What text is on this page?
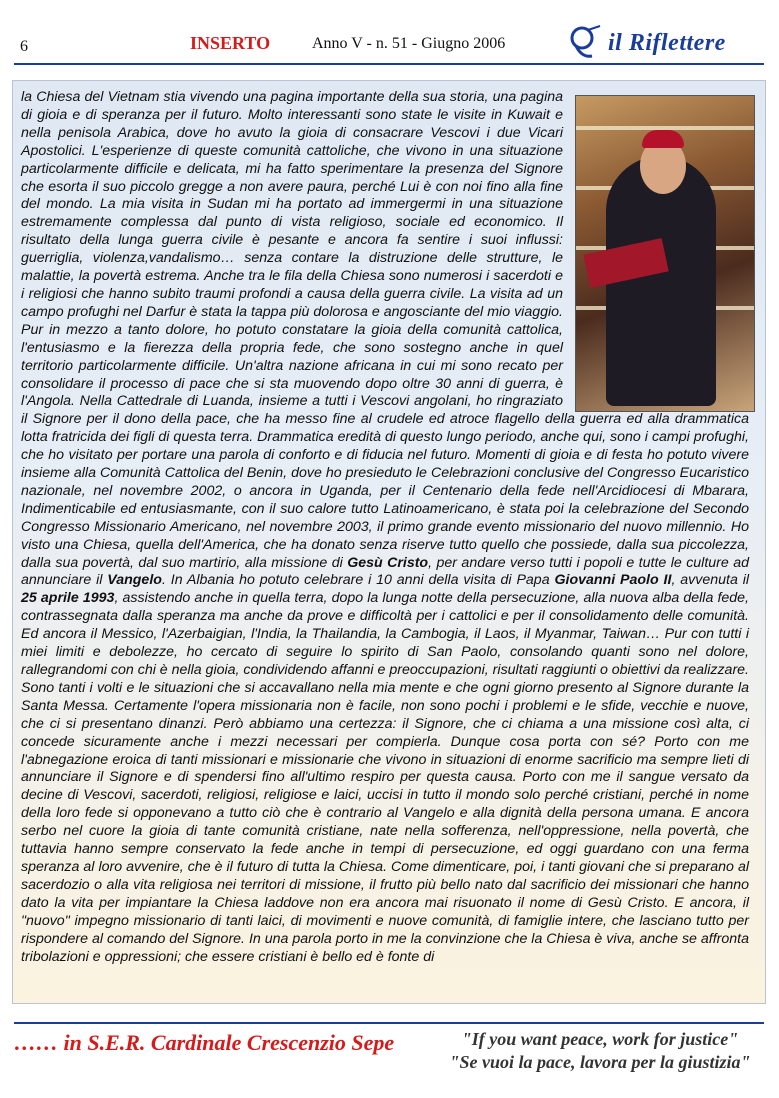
6	INSERTO	Anno V - n. 51 - Giugno 2006	il Riflettere
la Chiesa del Vietnam stia vivendo una pagina importante della sua storia, una pagina di gioia e di speranza per il futuro. Molto interessanti sono state le visite in Kuwait e nella penisola Arabica, dove ho avuto la gioia di consacrare Vescovi i due Vicari Apostolici. L'esperienze di queste comunità cattoliche, che vivono in una situazione particolarmente difficile e delicata, mi ha fatto sperimentare la presenza del Signore che esorta il suo piccolo gregge a non avere paura, perché Lui è con noi fino alla fine del mondo. La mia visita in Sudan mi ha portato ad immergermi in una situazione estremamente complessa dal punto di vista religioso, sociale ed economico. Il risultato della lunga guerra civile è pesante e ancora fa sentire i suoi influssi: guerriglia, violenza,vandalismo… senza contare la distruzione delle strutture, le malattie, la povertà estrema. Anche tra le fila della Chiesa sono numerosi i sacerdoti e i religiosi che hanno subito traumi profondi a causa della guerra civile. La visita ad un campo profughi nel Darfur è stata la tappa più dolorosa e angosciante del mio viaggio. Pur in mezzo a tanto dolore, ho potuto constatare la gioia della comunità cattolica, l'entusiasmo e la fierezza della propria fede, che sono sostegno anche in quel territorio particolarmente difficile. Un'altra nazione africana in cui mi sono recato per consolidare il processo di pace che si sta muovendo dopo oltre 30 anni di guerra, è l'Angola. Nella Cattedrale di Luanda, insieme a tutti i Vescovi angolani, ho ringraziato il Signore per il dono della pace, che ha messo fine al crudele ed atroce flagello della guerra ed alla drammatica lotta fratricida dei figli di questa terra. Drammatica eredità di questo lungo periodo, anche qui, sono i campi profughi, che ho visitato per portare una parola di conforto e di fiducia nel futuro. Momenti di gioia e di festa ho potuto vivere insieme alla Comunità Cattolica del Benin, dove ho presieduto le Celebrazioni conclusive del Congresso Eucaristico nazionale, nel novembre 2002, o ancora in Uganda, per il Centenario della fede nell'Arcidiocesi di Mbarara, Indimenticabile ed entusiasmante, con il suo calore tutto Latinoamericano, è stata poi la celebrazione del Secondo Congresso Missionario Americano, nel novembre 2003, il primo grande evento missionario del nuovo millennio. Ho visto una Chiesa, quella dell'America, che ha donato senza riserve tutto quello che possiede, dalla sua piccolezza, dalla sua povertà, dal suo martirio, alla missione di Gesù Cristo, per andare verso tutti i popoli e tutte le culture ad annunciare il Vangelo. In Albania ho potuto celebrare i 10 anni della visita di Papa Giovanni Paolo II, avvenuta il 25 aprile 1993, assistendo anche in quella terra, dopo la lunga notte della persecuzione, alla nuova alba della fede, contrassegnata dalla speranza ma anche da prove e difficoltà per i cattolici e per il consolidamento delle comunità. Ed ancora il Messico, l'Azerbaigian, l'India, la Thailandia, la Cambogia, il Laos, il Myanmar, Taiwan… Pur con tutti i miei limiti e debolezze, ho cercato di seguire lo spirito di San Paolo, consolando quanti sono nel dolore, rallegrandomi con chi è nella gioia, condividendo affanni e preoccupazioni, risultati raggiunti o obiettivi da realizzare. Sono tanti i volti e le situazioni che si accavallano nella mia mente e che ogni giorno presento al Signore durante la Santa Messa. Certamente l'opera missionaria non è facile, non sono pochi i problemi e le sfide, vecchie e nuove, che ci si presentano dinanzi. Però abbiamo una certezza: il Signore, che ci chiama a una missione così alta, ci concede sicuramente anche i mezzi necessari per compierla. Dunque cosa porta con sé? Porto con me l'abnegazione eroica di tanti missionari e missionarie che vivono in situazioni di enorme sacrificio ma sempre lieti di annunciare il Signore e di spendersi fino all'ultimo respiro per questa causa. Porto con me il sangue versato da decine di Vescovi, sacerdoti, religiosi, religiose e laici, uccisi in tutto il mondo solo perché cristiani, perché in nome della loro fede si opponevano a tutto ciò che è contrario al Vangelo e alla dignità della persona umana. E ancora serbo nel cuore la gioia di tante comunità cristiane, nate nella sofferenza, nell'oppressione, nella povertà, che tuttavia hanno sempre conservato la fede anche in tempi di persecuzione, ed oggi guardano con una ferma speranza al loro avvenire, che è il futuro di tutta la Chiesa. Come dimenticare, poi, i tanti giovani che si preparano al sacerdozio o alla vita religiosa nei territori di missione, il frutto più bello nato dal sacrificio dei missionari che hanno dato la vita per impiantare la Chiesa laddove non era ancora mai risuonato il nome di Gesù Cristo. E ancora, il "nuovo" impegno missionario di tanti laici, di movimenti e nuove comunità, di famiglie intere, che lasciano tutto per rispondere al comando del Signore. In una parola porto in me la convinzione che la Chiesa è viva, anche se affronta tribolazioni e oppressioni; che essere cristiani è bello ed è fonte di
…… in S.E.R. Cardinale Crescenzio Sepe	"If you want peace, work for justice"
"Se vuoi la pace, lavora per la giustizia"
